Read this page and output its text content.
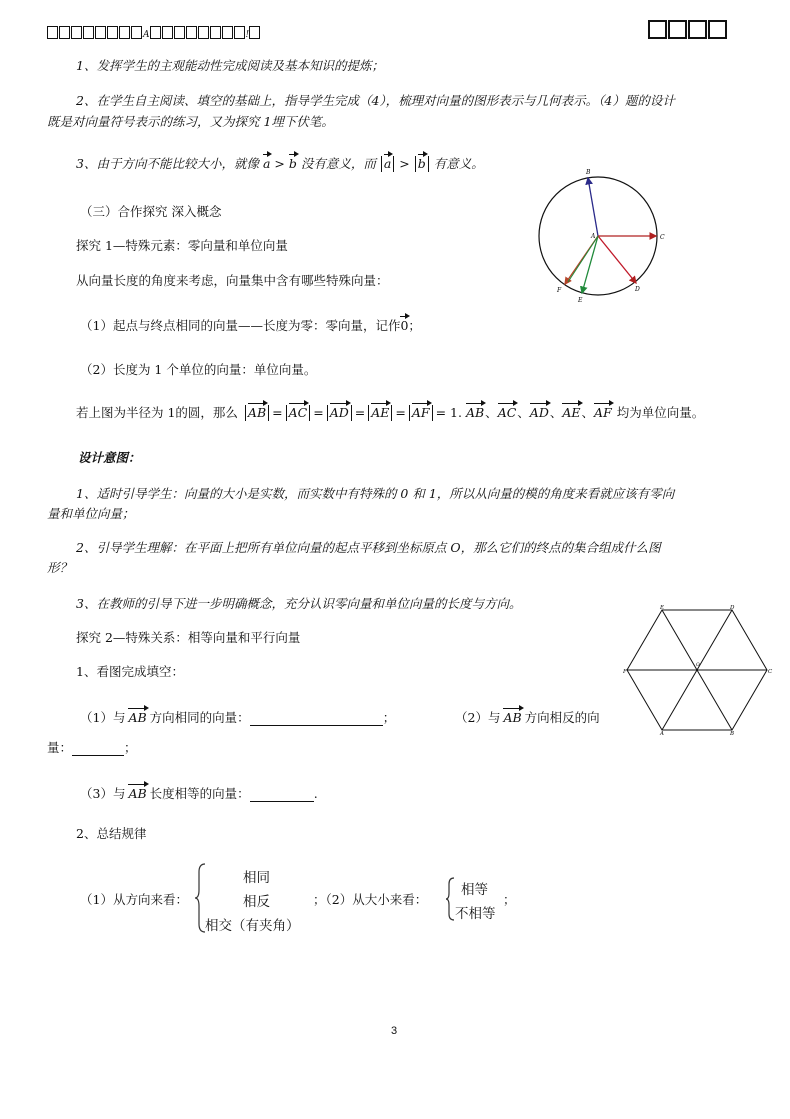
A	!
1、发挥学生的主观能动性完成阅读及基本知识的提炼；
2、在学生自主阅读、填空的基础上，指导学生完成（4），梳理对向量的图形表示与几何表示。（4）题的设计
既是对向量符号表示的练习，又为探究 1埋下伏笔。
3、由于方向不能比较大小，就像 a > b 没有意义，而 a > b 有意义。
（三）合作探究 深入概念
探究 1—特殊元素：零向量和单位向量
从向量长度的角度来考虑，向量集中含有哪些特殊向量：
（1）起点与终点相同的向量——长度为零：零向量，记作0；
（2）长度为 1 个单位的向量：单位向量。
若上图为半径为 1的圆，那么 AB = AC = AD = AE = AF = 1. AB、AC、AD、AE、AF 均为单位向量。
设计意图：
1、适时引导学生：向量的大小是实数，而实数中有特殊的 0 和 1，所以从向量的模的角度来看就应该有零向
量和单位向量；
2、引导学生理解：在平面上把所有单位向量的起点平移到坐标原点 O，那么它们的终点的集合组成什么图
形？
3、在教师的引导下进一步明确概念，充分认识零向量和单位向量的长度与方向。
探究 2—特殊关系：相等向量和平行向量
1、看图完成填空：
（1）与 AB 方向相同的向量：	；	（2）与 AB 方向相反的向
量：	；
（3）与 AB 长度相等的向量：	.
2、总结规律
（1）从方向来看：
相同
相反
相交（有夹角）
；（2）从大小来看：
相等
不相等
；
3
A
B
C
D
E
F
A	B
C
D
E
F
O
